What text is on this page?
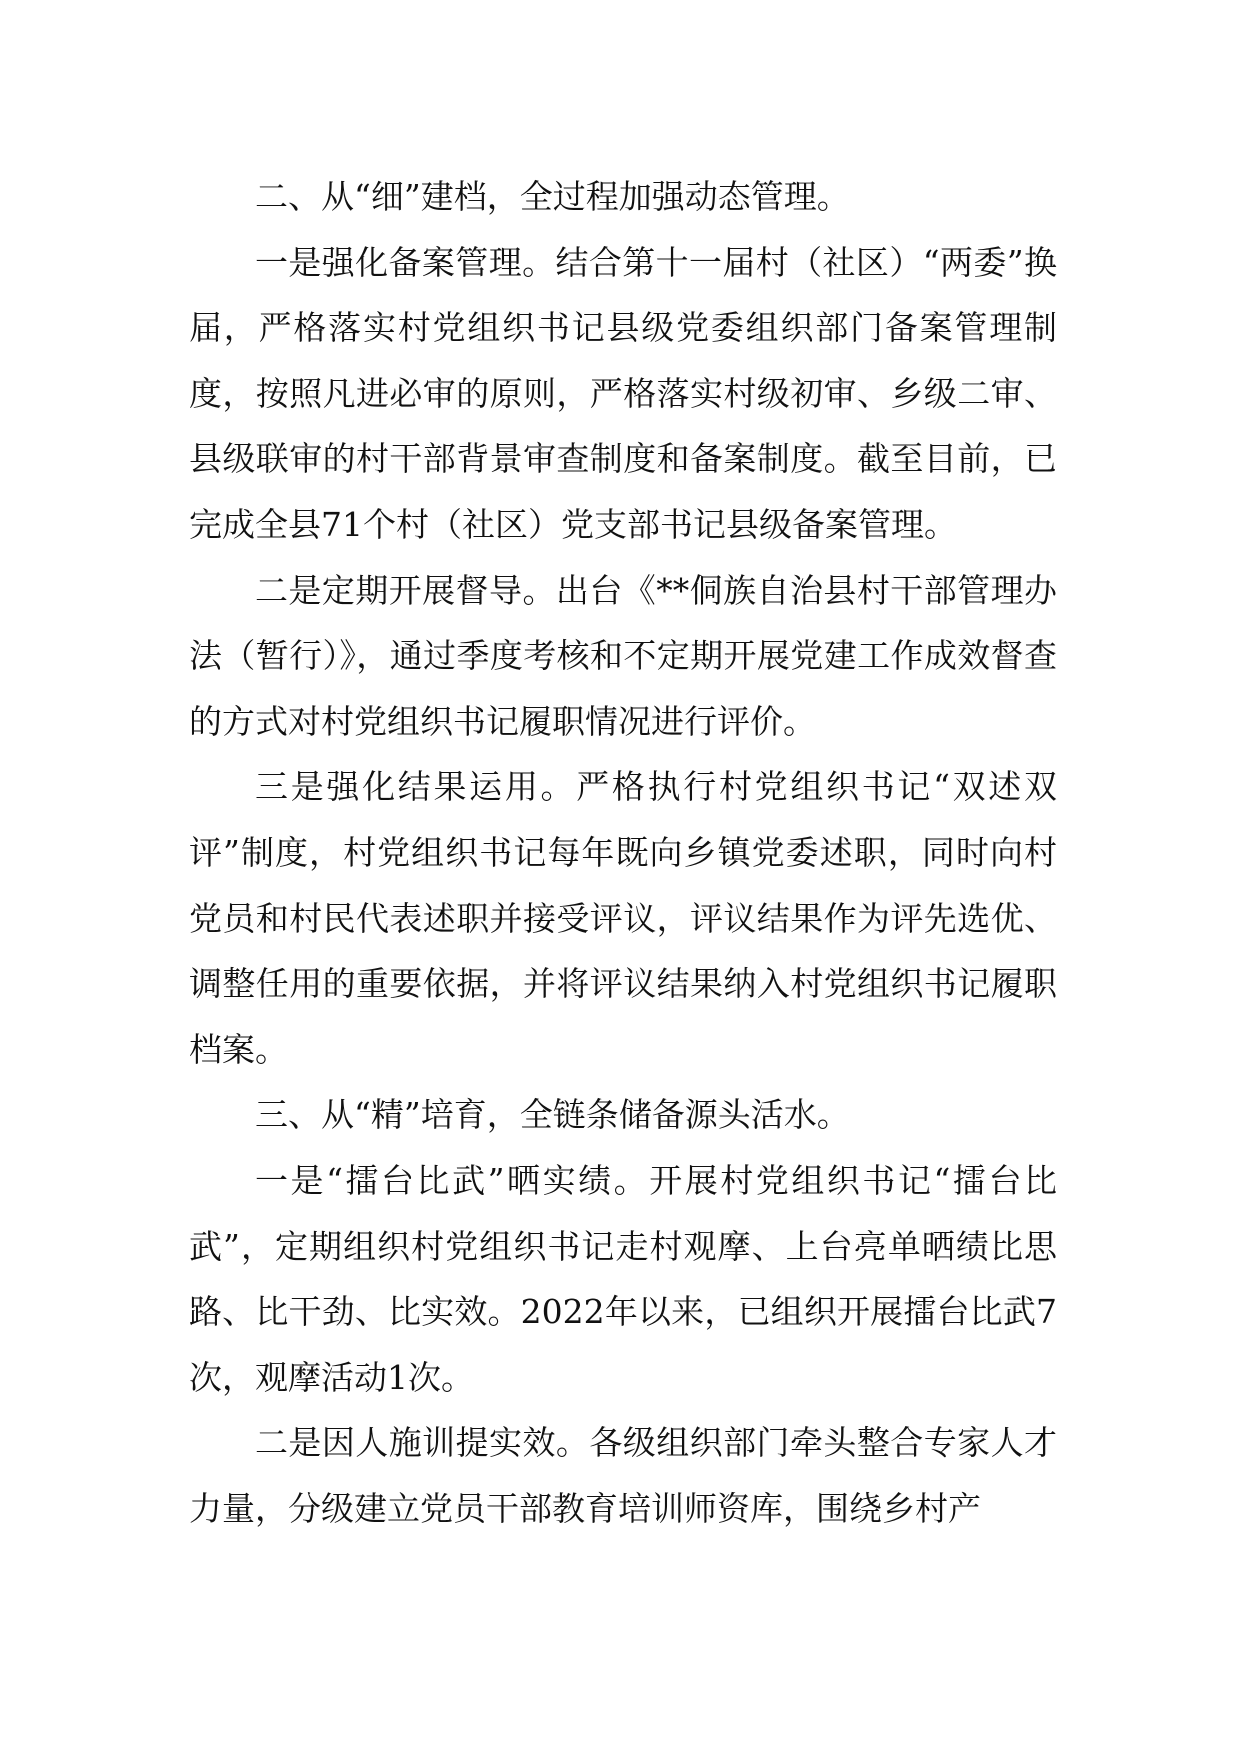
二、从“细”建档，全过程加强动态管理。

一是强化备案管理。结合第十一届村（社区）“两委”换届，严格落实村党组织书记县级党委组织部门备案管理制度，按照凡进必审的原则，严格落实村级初审、乡级二审、县级联审的村干部背景审查制度和备案制度。截至目前，已完成全县71个村（社区）党支部书记县级备案管理。

二是定期开展督导。出台《**侗族自治县村干部管理办法（暂行）》，通过季度考核和不定期开展党建工作成效督查的方式对村党组织书记履职情况进行评价。

三是强化结果运用。严格执行村党组织书记“双述双评”制度，村党组织书记每年既向乡镇党委述职，同时向村党员和村民代表述职并接受评议，评议结果作为评先选优、调整任用的重要依据，并将评议结果纳入村党组织书记履职档案。

三、从“精”培育，全链条储备源头活水。

一是“擂台比武”晒实绩。开展村党组织书记“擂台比武”，定期组织村党组织书记走村观摩、上台亮单晒绩比思路、比干劲、比实效。2022年以来，已组织开展擂台比武7次，观摩活动1次。

二是因人施训提实效。各级组织部门牵头整合专家人才力量，分级建立党员干部教育培训师资库，围绕乡村产
